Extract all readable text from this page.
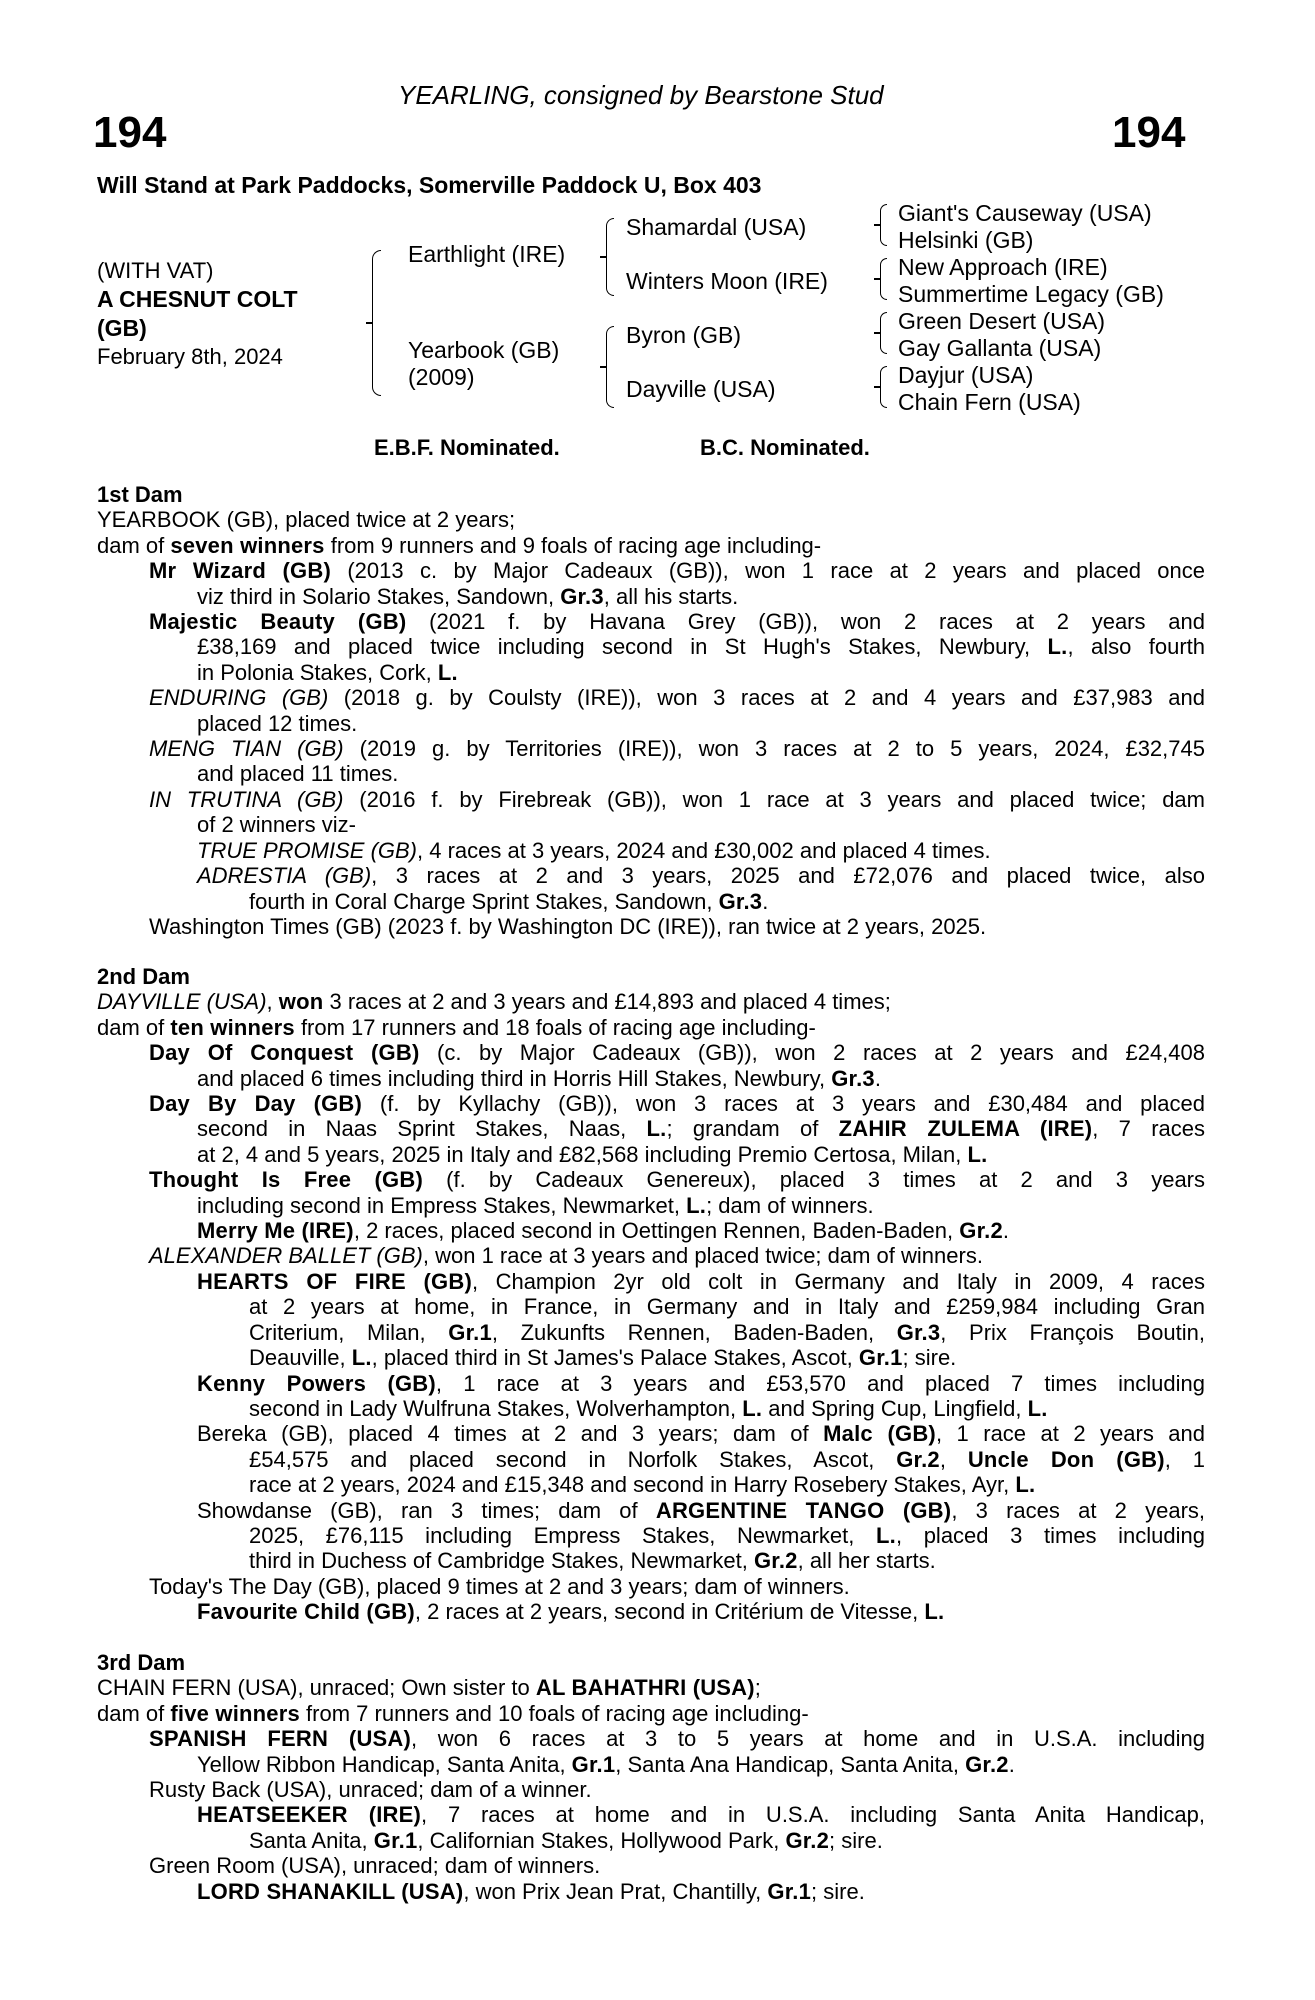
194	194
YEARLING, consigned by Bearstone Stud
Will Stand at Park Paddocks, Somerville Paddock U, Box 403
(WITH VAT)
A CHESNUT COLT
(GB)
February 8th, 2024
Earthlight (IRE)
Yearbook (GB)
(2009)
Shamardal (USA)
Winters Moon (IRE)
Byron (GB)
Dayville (USA)
Giant's Causeway (USA)
Helsinki (GB)
New Approach (IRE)
Summertime Legacy (GB)
Green Desert (USA)
Gay Gallanta (USA)
Dayjur (USA)
Chain Fern (USA)
E.B.F. Nominated.	B.C. Nominated.
1st Dam
YEARBOOK (GB), placed twice at 2 years;
dam of seven winners from 9 runners and 9 foals of racing age including-
Mr Wizard (GB) (2013 c. by Major Cadeaux (GB)), won 1 race at 2 years and placed once
viz third in Solario Stakes, Sandown, Gr.3, all his starts.
Majestic Beauty (GB) (2021 f. by Havana Grey (GB)), won 2 races at 2 years and
£38,169 and placed twice including second in St Hugh's Stakes, Newbury, L., also fourth
in Polonia Stakes, Cork, L.
ENDURING (GB) (2018 g. by Coulsty (IRE)), won 3 races at 2 and 4 years and £37,983 and
placed 12 times.
MENG TIAN (GB) (2019 g. by Territories (IRE)), won 3 races at 2 to 5 years, 2024, £32,745
and placed 11 times.
IN TRUTINA (GB) (2016 f. by Firebreak (GB)), won 1 race at 3 years and placed twice; dam
of 2 winners viz-
TRUE PROMISE (GB), 4 races at 3 years, 2024 and £30,002 and placed 4 times.
ADRESTIA (GB), 3 races at 2 and 3 years, 2025 and £72,076 and placed twice, also
fourth in Coral Charge Sprint Stakes, Sandown, Gr.3.
Washington Times (GB) (2023 f. by Washington DC (IRE)), ran twice at 2 years, 2025.
2nd Dam
DAYVILLE (USA), won 3 races at 2 and 3 years and £14,893 and placed 4 times;
dam of ten winners from 17 runners and 18 foals of racing age including-
Day Of Conquest (GB) (c. by Major Cadeaux (GB)), won 2 races at 2 years and £24,408
and placed 6 times including third in Horris Hill Stakes, Newbury, Gr.3.
Day By Day (GB) (f. by Kyllachy (GB)), won 3 races at 3 years and £30,484 and placed
second in Naas Sprint Stakes, Naas, L.; grandam of ZAHIR ZULEMA (IRE), 7 races
at 2, 4 and 5 years, 2025 in Italy and £82,568 including Premio Certosa, Milan, L.
Thought Is Free (GB) (f. by Cadeaux Genereux), placed 3 times at 2 and 3 years
including second in Empress Stakes, Newmarket, L.; dam of winners.
Merry Me (IRE), 2 races, placed second in Oettingen Rennen, Baden-Baden, Gr.2.
ALEXANDER BALLET (GB), won 1 race at 3 years and placed twice; dam of winners.
HEARTS OF FIRE (GB), Champion 2yr old colt in Germany and Italy in 2009, 4 races
at 2 years at home, in France, in Germany and in Italy and £259,984 including Gran
Criterium, Milan, Gr.1, Zukunfts Rennen, Baden-Baden, Gr.3, Prix François Boutin,
Deauville, L., placed third in St James's Palace Stakes, Ascot, Gr.1; sire.
Kenny Powers (GB), 1 race at 3 years and £53,570 and placed 7 times including
second in Lady Wulfruna Stakes, Wolverhampton, L. and Spring Cup, Lingfield, L.
Bereka (GB), placed 4 times at 2 and 3 years; dam of Malc (GB), 1 race at 2 years and
£54,575 and placed second in Norfolk Stakes, Ascot, Gr.2, Uncle Don (GB), 1
race at 2 years, 2024 and £15,348 and second in Harry Rosebery Stakes, Ayr, L.
Showdanse (GB), ran 3 times; dam of ARGENTINE TANGO (GB), 3 races at 2 years,
2025, £76,115 including Empress Stakes, Newmarket, L., placed 3 times including
third in Duchess of Cambridge Stakes, Newmarket, Gr.2, all her starts.
Today's The Day (GB), placed 9 times at 2 and 3 years; dam of winners.
Favourite Child (GB), 2 races at 2 years, second in Critérium de Vitesse, L.
3rd Dam
CHAIN FERN (USA), unraced; Own sister to AL BAHATHRI (USA);
dam of five winners from 7 runners and 10 foals of racing age including-
SPANISH FERN (USA), won 6 races at 3 to 5 years at home and in U.S.A. including
Yellow Ribbon Handicap, Santa Anita, Gr.1, Santa Ana Handicap, Santa Anita, Gr.2.
Rusty Back (USA), unraced; dam of a winner.
HEATSEEKER (IRE), 7 races at home and in U.S.A. including Santa Anita Handicap,
Santa Anita, Gr.1, Californian Stakes, Hollywood Park, Gr.2; sire.
Green Room (USA), unraced; dam of winners.
LORD SHANAKILL (USA), won Prix Jean Prat, Chantilly, Gr.1; sire.
